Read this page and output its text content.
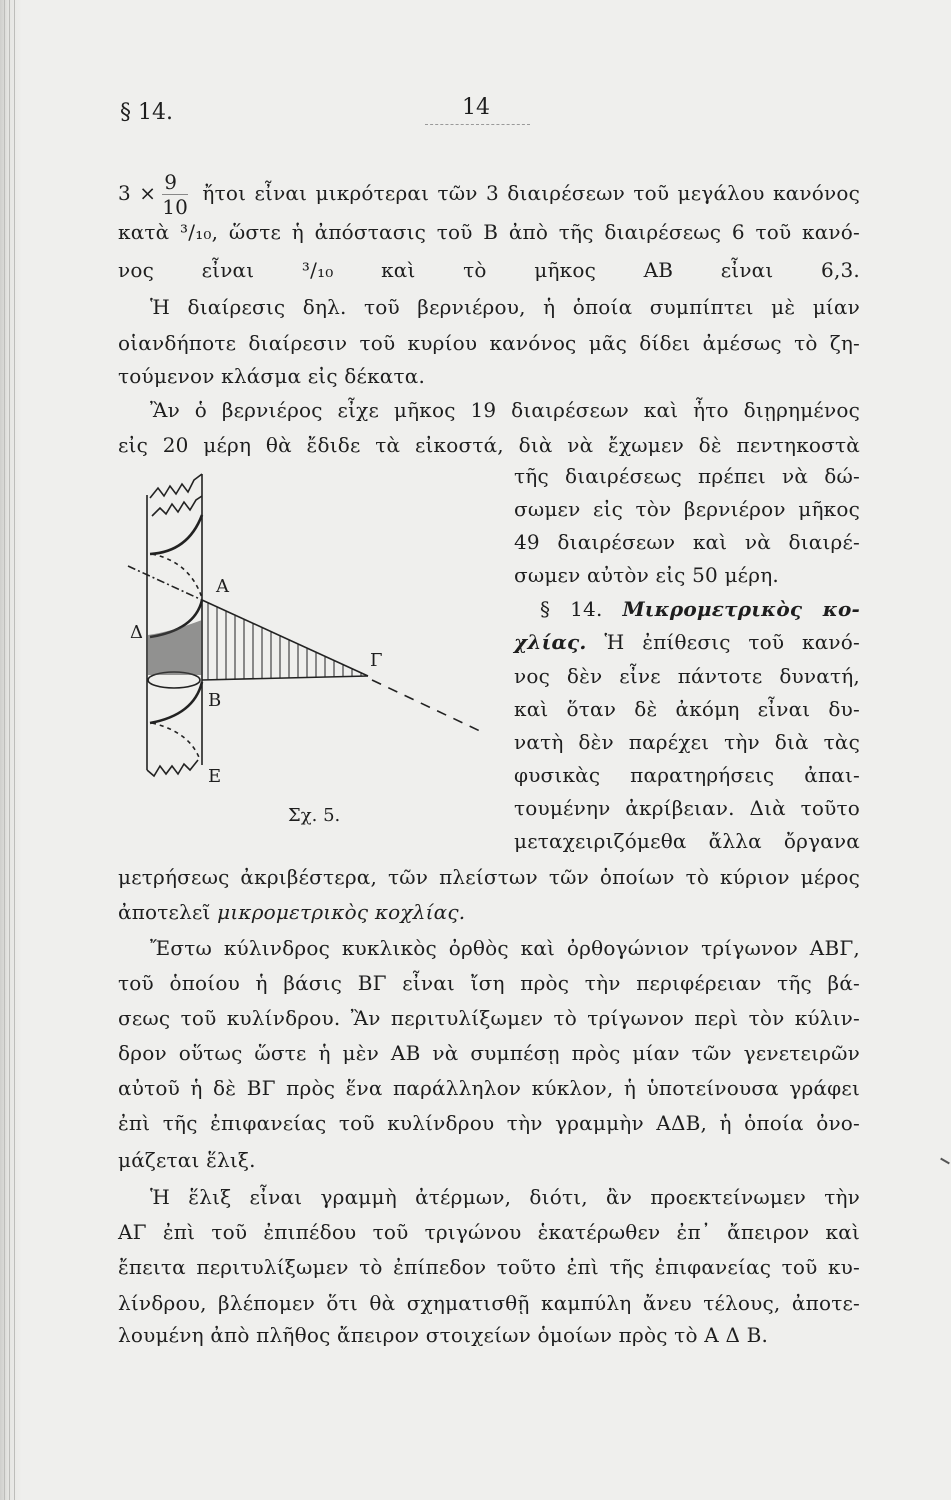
§ 14.	14
$3 \times \frac{9}{10}$ ἤτοι εἶναι μικρότεραι τῶν 3 διαιρέσεων τοῦ μεγάλου κανόνος
κατὰ ³/₁₀, ὥστε ἡ ἀπόστασις τοῦ Β ἀπὸ τῆς διαιρέσεως 6 τοῦ κανό-
νος εἶναι ³/₁₀ καὶ τὸ μῆκος ΑΒ εἶναι 6,3.
Ἡ διαίρεσις δηλ. τοῦ βερνιέρου, ἡ ὁποία συμπίπτει μὲ μίαν
οἱανδήποτε διαίρεσιν τοῦ κυρίου κανόνος μᾶς δίδει ἀμέσως τὸ ζη-
τούμενον κλάσμα εἰς δέκατα.
Ἂν ὁ βερνιέρος εἶχε μῆκος 19 διαιρέσεων καὶ ἦτο διῃρημένος
εἰς 20 μέρη θὰ ἔδιδε τὰ εἰκοστά, διὰ νὰ ἔχωμεν δὲ πεντηκοστὰ
τῆς διαιρέσεως πρέπει νὰ δώ-
σωμεν εἰς τὸν βερνιέρον μῆκος
49 διαιρέσεων καὶ νὰ διαιρέ-
σωμεν αὐτὸν εἰς 50 μέρη.
§ 14. Μικρομετρικὸς κο-
χλίας. Ἡ ἐπίθεσις τοῦ κανό-
νος δὲν εἶνε πάντοτε δυνατή,
καὶ ὅταν δὲ ἀκόμη εἶναι δυ-
νατὴ δὲν παρέχει τὴν διὰ τὰς
φυσικὰς παρατηρήσεις ἀπαι-
τουμένην ἀκρίβειαν. Διὰ τοῦτο
μεταχειριζόμεθα ἄλλα ὄργανα
μετρήσεως ἀκριβέστερα, τῶν πλείστων τῶν ὁποίων τὸ κύριον μέρος
ἀποτελεῖ μικρομετρικὸς κοχλίας.
Ἔστω κύλινδρος κυκλικὸς ὀρθὸς καὶ ὀρθογώνιον τρίγωνον ΑΒΓ,
τοῦ ὁποίου ἡ βάσις ΒΓ εἶναι ἴση πρὸς τὴν περιφέρειαν τῆς βά-
σεως τοῦ κυλίνδρου. Ἂν περιτυλίξωμεν τὸ τρίγωνον περὶ τὸν κύλιν-
δρον οὕτως ὥστε ἡ μὲν ΑΒ νὰ συμπέσῃ πρὸς μίαν τῶν γενετειρῶν
αὐτοῦ ἡ δὲ ΒΓ πρὸς ἕνα παράλληλον κύκλον, ἡ ὑποτείνουσα γράφει
ἐπὶ τῆς ἐπιφανείας τοῦ κυλίνδρου τὴν γραμμὴν ΑΔΒ, ἡ ὁποία ὀνο-
μάζεται ἕλιξ.
Ἡ ἕλιξ εἶναι γραμμὴ ἀτέρμων, διότι, ἂν προεκτείνωμεν τὴν
ΑΓ ἐπὶ τοῦ ἐπιπέδου τοῦ τριγώνου ἑκατέρωθεν ἐπ᾿ ἄπειρον καὶ
ἔπειτα περιτυλίξωμεν τὸ ἐπίπεδον τοῦτο ἐπὶ τῆς ἐπιφανείας τοῦ κυ-
λίνδρου, βλέπομεν ὅτι θὰ σχηματισθῇ καμπύλη ἄνευ τέλους, ἀποτε-
λουμένη ἀπὸ πλῆθος ἄπειρον στοιχείων ὁμοίων πρὸς τὸ Α Δ Β.
Α
Δ
Γ
Β
Ε
Σχ. 5.
